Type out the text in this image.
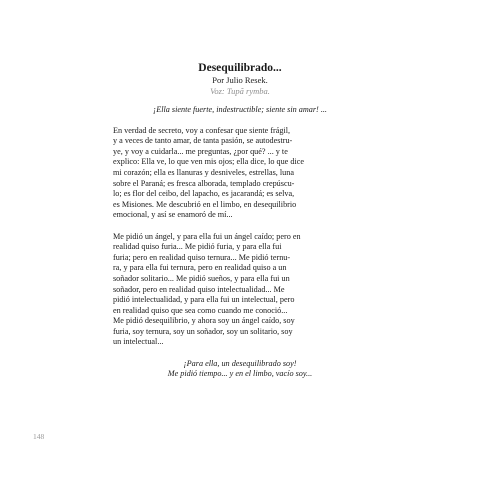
Desequilibrado...

Por Julio Resek.

Voz: Tupã rymba.

¡Ella siente fuerte, indestructible; siente sin amar! ...

En verdad de secreto, voy a confesar que siente frágil,
y a veces de tanto amar, de tanta pasión, se autodestru-
ye, y voy a cuidarla... me preguntas, ¿por qué? ... y te
explico: Ella ve, lo que ven mis ojos; ella dice, lo que dice
mi corazón; ella es llanuras y desniveles, estrellas, luna
sobre el Paraná; es fresca alborada, templado crepúscu-
lo; es flor del ceibo, del lapacho, es jacarandá; es selva,
es Misiones. Me descubrió en el limbo, en desequilibrio
emocional, y así se enamoró de mí...
Me pidió un ángel, y para ella fui un ángel caído; pero en
realidad quiso furia... Me pidió furia, y para ella fui
furia; pero en realidad quiso ternura... Me pidió ternu-
ra, y para ella fui ternura, pero en realidad quiso a un
soñador solitario... Me pidió sueños, y para ella fui un
soñador, pero en realidad quiso intelectualidad... Me
pidió intelectualidad, y para ella fui un intelectual, pero
en realidad quiso que sea como cuando me conoció...
Me pidió desequilibrio, y ahora soy un ángel caído, soy
furia, soy ternura, soy un soñador, soy un solitario, soy
un intelectual...
¡Para ella, un desequilibrado soy!
Me pidió tiempo... y en el limbo, vacío soy...
148
